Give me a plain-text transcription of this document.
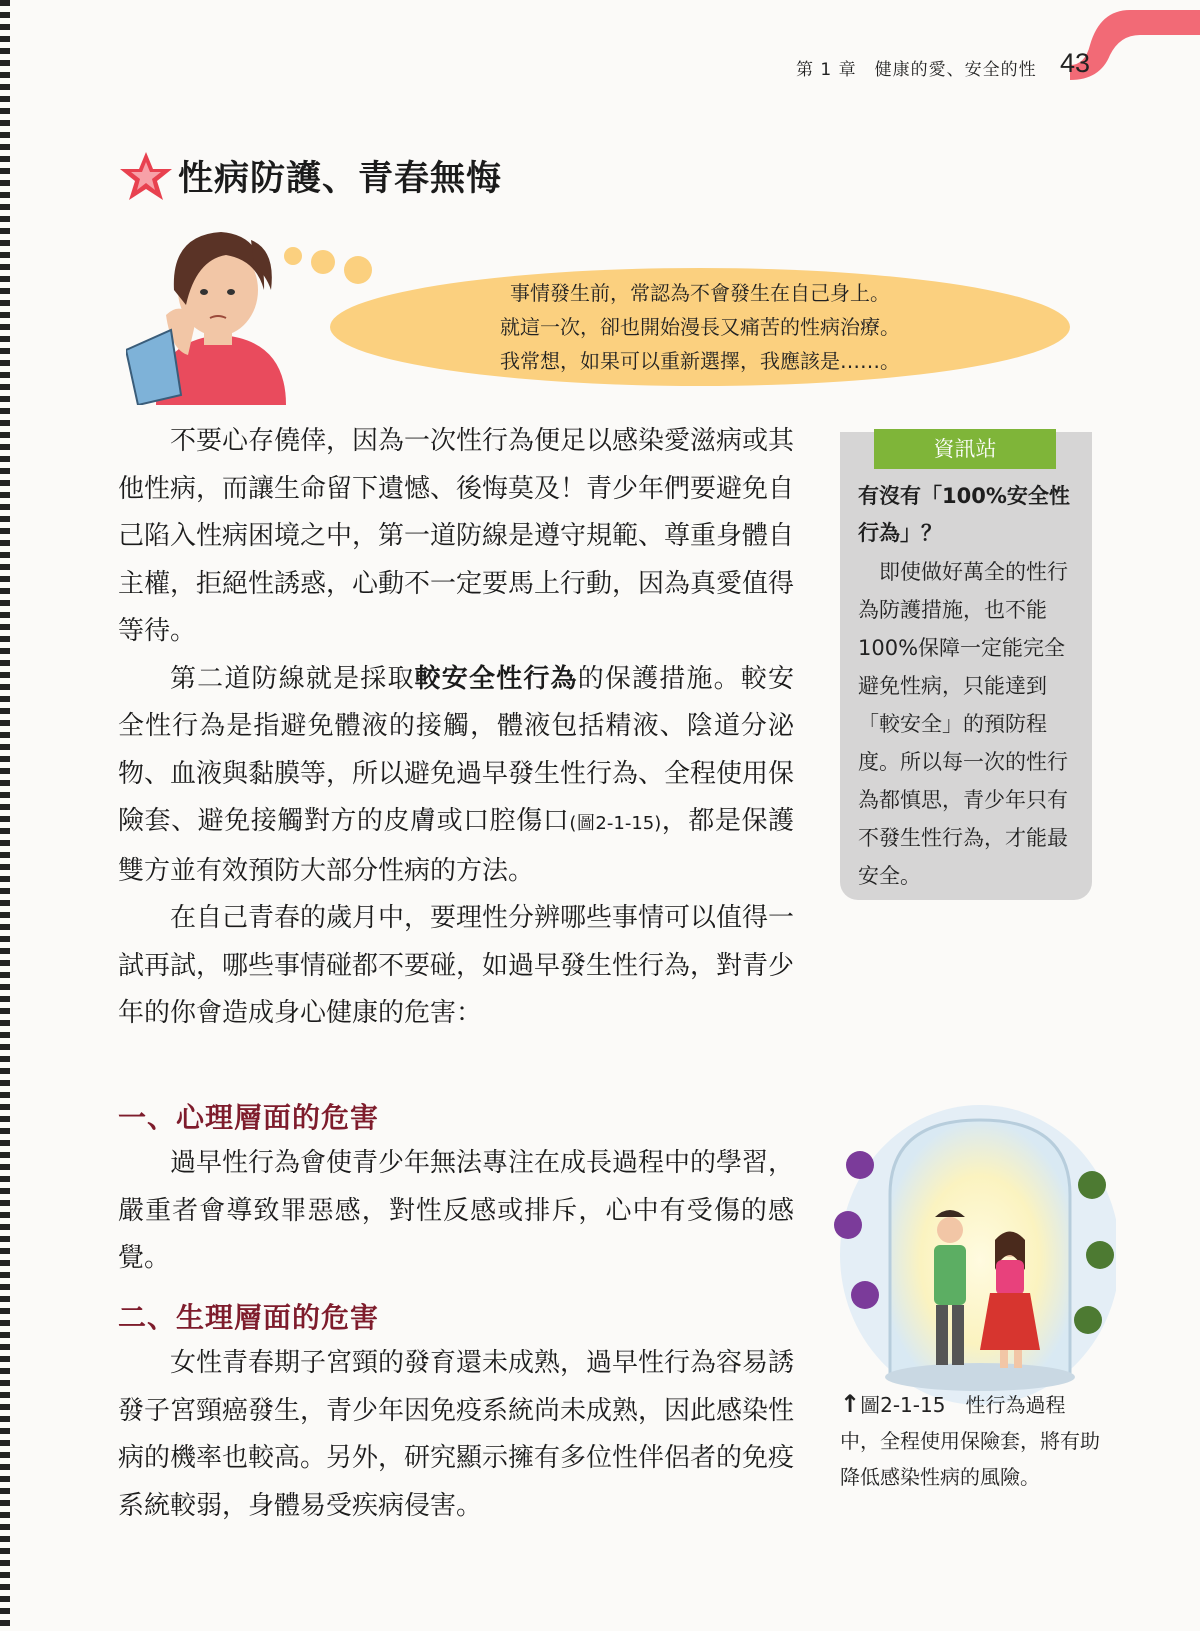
第 1 章　健康的愛、安全的性 43
性病防護、青春無悔
事情發生前，常認為不會發生在自己身上。
就這一次，卻也開始漫長又痛苦的性病治療。
我常想，如果可以重新選擇，我應該是……。

不要心存僥倖，因為一次性行為便足以感染愛滋病或其他性病，而讓生命留下遺憾、後悔莫及！青少年們要避免自己陷入性病困境之中，第一道防線是遵守規範、尊重身體自主權，拒絕性誘惑，心動不一定要馬上行動，因為真愛值得等待。

第二道防線就是採取較安全性行為的保護措施。較安全性行為是指避免體液的接觸，體液包括精液、陰道分泌物、血液與黏膜等，所以避免過早發生性行為、全程使用保險套、避免接觸對方的皮膚或口腔傷口(圖2-1-15)，都是保護雙方並有效預防大部分性病的方法。

在自己青春的歲月中，要理性分辨哪些事情可以值得一試再試，哪些事情碰都不要碰，如過早發生性行為，對青少年的你會造成身心健康的危害：

一、心理層面的危害

過早性行為會使青少年無法專注在成長過程中的學習，嚴重者會導致罪惡感，對性反感或排斥，心中有受傷的感覺。

二、生理層面的危害

女性青春期子宮頸的發育還未成熟，過早性行為容易誘發子宮頸癌發生，青少年因免疫系統尚未成熟，因此感染性病的機率也較高。另外，研究顯示擁有多位性伴侶者的免疫系統較弱，身體易受疾病侵害。

資訊站
有沒有「100%安全性行為」？
即使做好萬全的性行為防護措施，也不能100%保障一定能完全避免性病，只能達到「較安全」的預防程度。所以每一次的性行為都慎思，青少年只有不發生性行為，才能最安全。
↑圖2-1-15　性行為過程中，全程使用保險套，將有助降低感染性病的風險。
